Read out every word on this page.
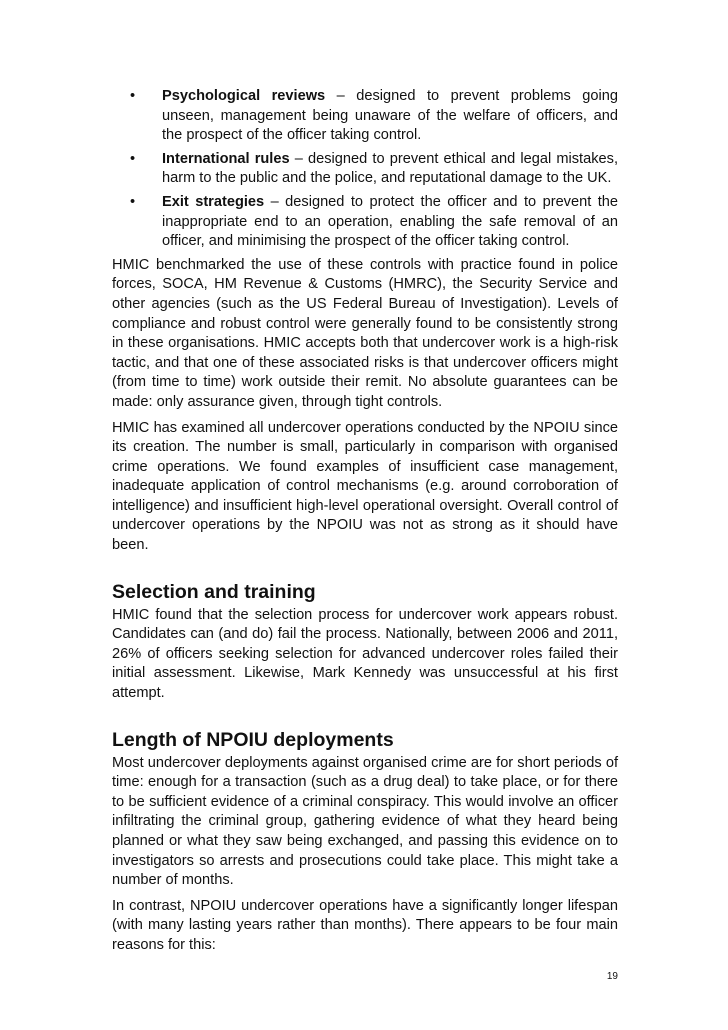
• Psychological reviews – designed to prevent problems going unseen, management being unaware of the welfare of officers, and the prospect of the officer taking control.
• International rules – designed to prevent ethical and legal mistakes, harm to the public and the police, and reputational damage to the UK.
• Exit strategies – designed to protect the officer and to prevent the inappropriate end to an operation, enabling the safe removal of an officer, and minimising the prospect of the officer taking control.

HMIC benchmarked the use of these controls with practice found in police forces, SOCA, HM Revenue & Customs (HMRC), the Security Service and other agencies (such as the US Federal Bureau of Investigation). Levels of compliance and robust control were generally found to be consistently strong in these organisations. HMIC accepts both that undercover work is a high-risk tactic, and that one of these associated risks is that undercover officers might (from time to time) work outside their remit. No absolute guarantees can be made: only assurance given, through tight controls.

HMIC has examined all undercover operations conducted by the NPOIU since its creation. The number is small, particularly in comparison with organised crime operations. We found examples of insufficient case management, inadequate application of control mechanisms (e.g. around corroboration of intelligence) and insufficient high-level operational oversight. Overall control of undercover operations by the NPOIU was not as strong as it should have been.

Selection and training

HMIC found that the selection process for undercover work appears robust. Candidates can (and do) fail the process. Nationally, between 2006 and 2011, 26% of officers seeking selection for advanced undercover roles failed their initial assessment. Likewise, Mark Kennedy was unsuccessful at his first attempt.

Length of NPOIU deployments

Most undercover deployments against organised crime are for short periods of time: enough for a transaction (such as a drug deal) to take place, or for there to be sufficient evidence of a criminal conspiracy. This would involve an officer infiltrating the criminal group, gathering evidence of what they heard being planned or what they saw being exchanged, and passing this evidence on to investigators so arrests and prosecutions could take place. This might take a number of months.

In contrast, NPOIU undercover operations have a significantly longer lifespan (with many lasting years rather than months). There appears to be four main reasons for this:

19
